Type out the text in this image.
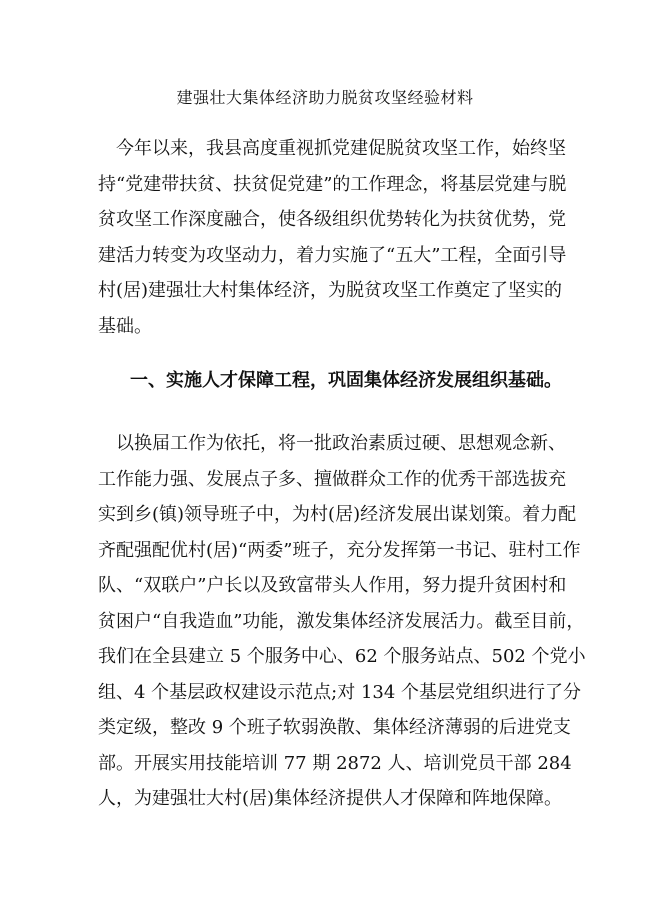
建强壮大集体经济助力脱贫攻坚经验材料
今年以来，我县高度重视抓党建促脱贫攻坚工作，始终坚
持“党建带扶贫、扶贫促党建”的工作理念，将基层党建与脱
贫攻坚工作深度融合，使各级组织优势转化为扶贫优势，党
建活力转变为攻坚动力，着力实施了“五大”工程，全面引导
村(居)建强壮大村集体经济，为脱贫攻坚工作奠定了坚实的
基础。
一、实施人才保障工程，巩固集体经济发展组织基础。
以换届工作为依托，将一批政治素质过硬、思想观念新、
工作能力强、发展点子多、擅做群众工作的优秀干部选拔充
实到乡(镇)领导班子中，为村(居)经济发展出谋划策。着力配
齐配强配优村(居)“两委”班子，充分发挥第一书记、驻村工作
队、“双联户”户长以及致富带头人作用，努力提升贫困村和
贫困户“自我造血”功能，激发集体经济发展活力。截至目前，
我们在全县建立 5 个服务中心、62 个服务站点、502 个党小
组、4 个基层政权建设示范点;对 134 个基层党组织进行了分
类定级，整改 9 个班子软弱涣散、集体经济薄弱的后进党支
部。开展实用技能培训 77 期 2872 人、培训党员干部 284
人，为建强壮大村(居)集体经济提供人才保障和阵地保障。
